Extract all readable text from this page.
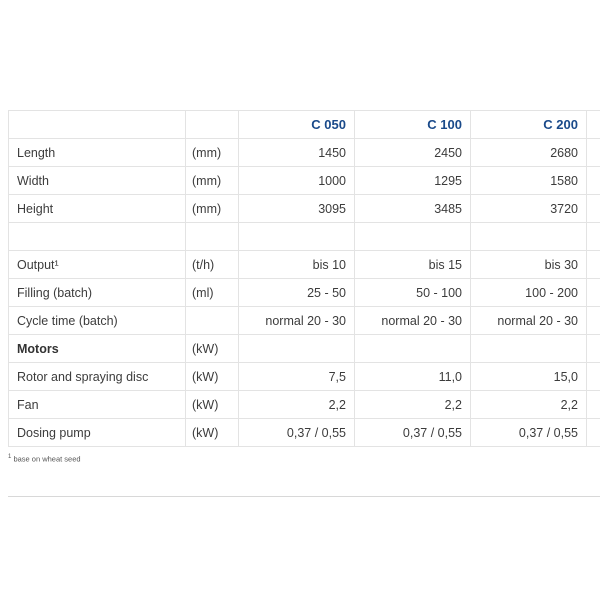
		C 050	C 100	C 200	
Length	(mm)	1450	2450	2680	
Width	(mm)	1000	1295	1580	
Height	(mm)	3095	3485	3720	

Output¹	(t/h)	bis 10	bis 15	bis 30	
Filling (batch)	(ml)	25 - 50	50 - 100	100 - 200	
Cycle time (batch)		normal 20 - 30	normal 20 - 30	normal 20 - 30	
Motors	(kW)				
Rotor and spraying disc	(kW)	7,5	11,0	15,0	
Fan	(kW)	2,2	2,2	2,2	
Dosing pump	(kW)	0,37 / 0,55	0,37 / 0,55	0,37 / 0,55	
$^1$ base on wheat seed
